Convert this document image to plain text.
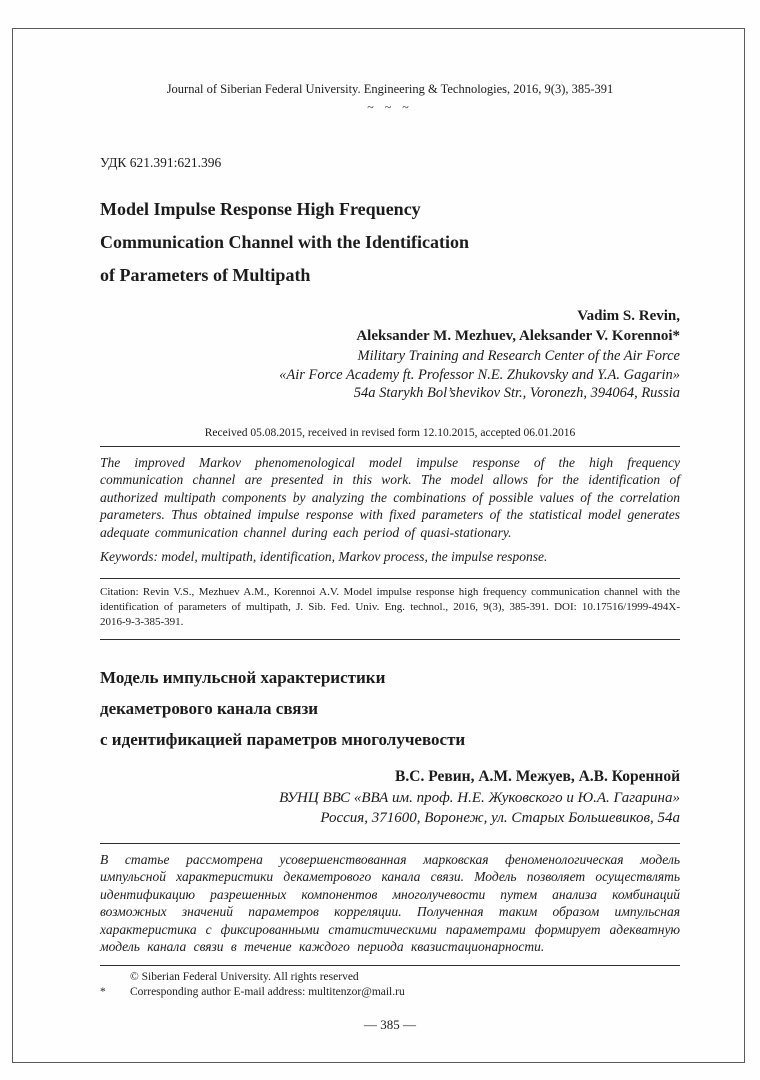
Journal of Siberian Federal University. Engineering & Technologies, 2016, 9(3), 385-391
~ ~ ~
УДК 621.391:621.396
Model Impulse Response High Frequency
Communication Channel with the Identification
of Parameters of Multipath
Vadim S. Revin,
Aleksander M. Mezhuev, Aleksander V. Korennoi*
Military Training and Research Center of the Air Force
«Air Force Academy ft. Professor N.E. Zhukovsky and Y.A. Gagarin»
54a Starykh Bol’shevikov Str., Voronezh, 394064, Russia
Received 05.08.2015, received in revised form 12.10.2015, accepted 06.01.2016
The improved Markov phenomenological model impulse response of the high frequency communication channel are presented in this work. The model allows for the identification of authorized multipath components by analyzing the combinations of possible values of the correlation parameters. Thus obtained impulse response with fixed parameters of the statistical model generates adequate communication channel during each period of quasi-stationary.
Keywords: model, multipath, identification, Markov process, the impulse response.
Citation: Revin V.S., Mezhuev A.M., Korennoi A.V. Model impulse response high frequency communication channel with the identification of parameters of multipath, J. Sib. Fed. Univ. Eng. technol., 2016, 9(3), 385-391. DOI: 10.17516/1999-494X-2016-9-3-385-391.
Модель импульсной характеристики
декаметрового канала связи
с идентификацией параметров многолучевости
В.С. Ревин, А.М. Межуев, А.В. Коренной
ВУНЦ ВВС «ВВА им. проф. Н.Е. Жуковского и Ю.А. Гагарина»
Россия, 371600, Воронеж, ул. Старых Большевиков, 54а
В статье рассмотрена усовершенствованная марковская феноменологическая модель импульсной характеристики декаметрового канала связи. Модель позволяет осуществлять идентификацию разрешенных компонентов многолучевости путем анализа комбинаций возможных значений параметров корреляции. Полученная таким образом импульсная характеристика с фиксированными статистическими параметрами формирует адекватную модель канала связи в течение каждого периода квазистационарности.
© Siberian Federal University. All rights reserved
*	Corresponding author E-mail address: multitenzor@mail.ru
— 385 —
